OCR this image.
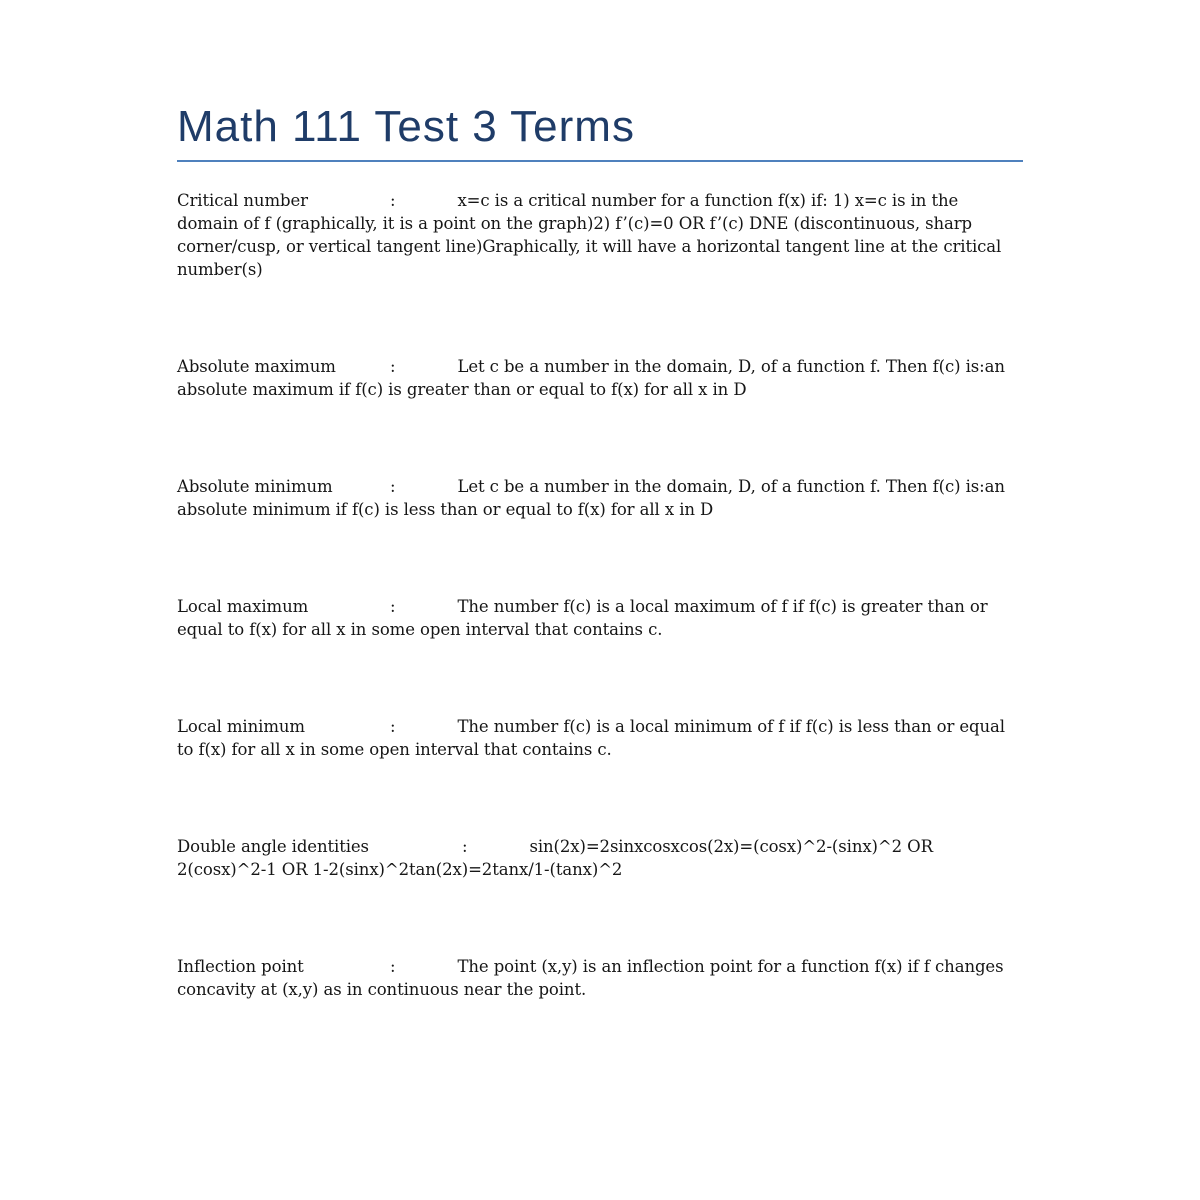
Math 111 Test 3 Terms

Critical number	:	x=c is a critical number for a function f(x) if: 1) x=c is in the domain of f (graphically, it is a point on the graph)2) f’(c)=0 OR f’(c) DNE (discontinuous, sharp corner/cusp, or vertical tangent line)Graphically, it will have a horizontal tangent line at the critical number(s)

Absolute maximum	:	Let c be a number in the domain, D, of a function f. Then f(c) is:an absolute maximum if f(c) is greater than or equal to f(x) for all x in D

Absolute minimum	:	Let c be a number in the domain, D, of a function f. Then f(c) is:an absolute minimum if f(c) is less than or equal to f(x) for all x in D

Local maximum	:	The number f(c) is a local maximum of f if f(c) is greater than or equal to f(x) for all x in some open interval that contains c.

Local minimum	:	The number f(c) is a local minimum of f if f(c) is less than or equal to f(x) for all x in some open interval that contains c.

Double angle identities	:	sin(2x)=2sinxcosxcos(2x)=(cosx)^2-(sinx)^2 OR 2(cosx)^2-1 OR 1-2(sinx)^2tan(2x)=2tanx/1-(tanx)^2

Inflection point	:	The point (x,y) is an inflection point for a function f(x) if f changes concavity at (x,y) as in continuous near the point.
